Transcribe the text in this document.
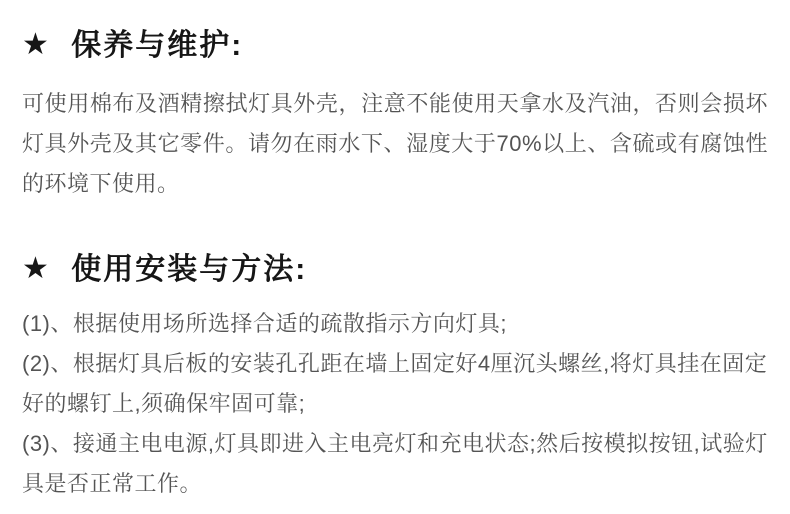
★ 保养与维护:

可使用棉布及酒精擦拭灯具外壳，注意不能使用天拿水及汽油，否则会损坏灯具外壳及其它零件。请勿在雨水下、湿度大于70%以上、含硫或有腐蚀性的环境下使用。

★ 使用安装与方法:

(1)、根据使用场所选择合适的疏散指示方向灯具;

(2)、根据灯具后板的安装孔孔距在墙上固定好4厘沉头螺丝,将灯具挂在固定好的螺钉上,须确保牢固可靠;

(3)、接通主电电源,灯具即进入主电亮灯和充电状态;然后按模拟按钮,试验灯具是否正常工作。
